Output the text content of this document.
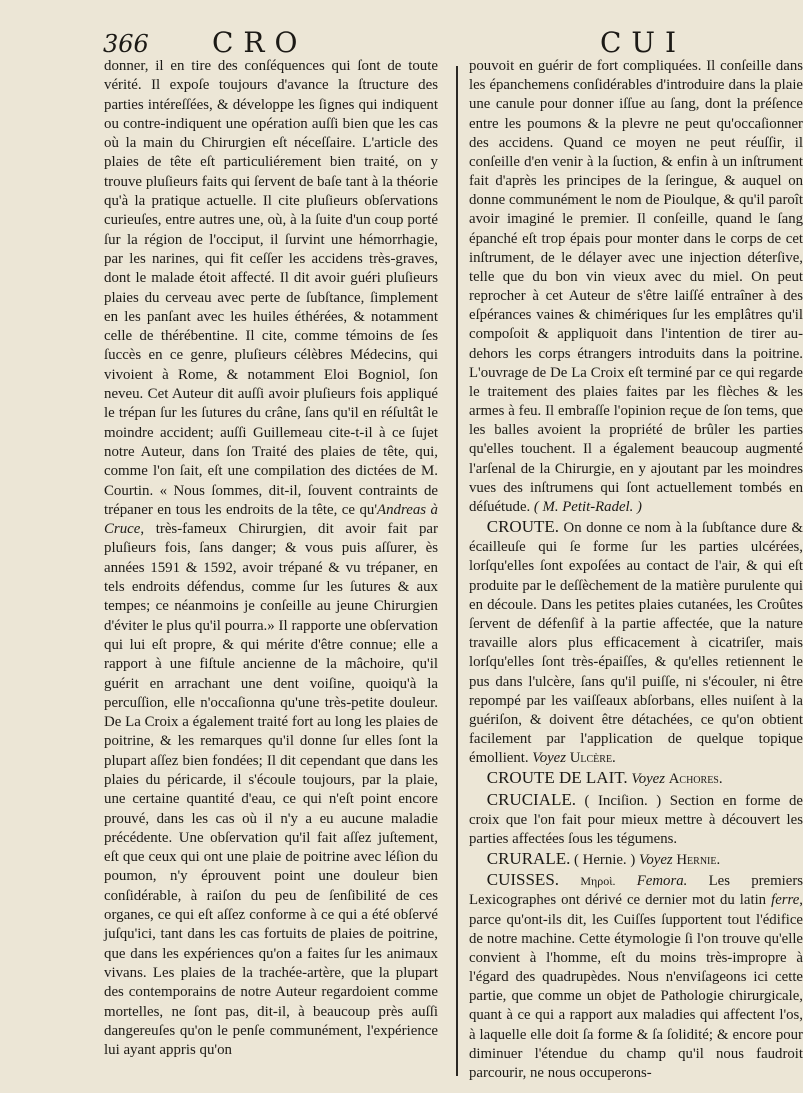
366 CRO	CUI

donner, il en tire des conſéquences qui ſont de toute vérité. Il expoſe toujours d'avance la ſtructure des parties intéreſſées, & développe les ſignes qui indiquent ou contre-indiquent une opération auſſi bien que les cas où la main du Chirurgien eſt néceſſaire. L'article des plaies de tête eſt particuliérement bien traité, on y trouve pluſieurs faits qui ſervent de baſe tant à la théorie qu'à la pratique actuelle. Il cite pluſieurs obſervations curieuſes, entre autres une, où, à la ſuite d'un coup porté ſur la région de l'occiput, il ſurvint une hémorrhagie, par les narines, qui fit ceſſer les accidens très-graves, dont le malade étoit affecté. Il dit avoir guéri pluſieurs plaies du cerveau avec perte de ſubſtance, ſimplement en les panſant avec les huiles éthérées, & notamment celle de thérébentine. Il cite, comme témoins de ſes ſuccès en ce genre, pluſieurs célèbres Médecins, qui vivoient à Rome, & notamment Eloi Bogniol, ſon neveu. Cet Auteur dit auſſi avoir pluſieurs fois appliqué le trépan ſur les ſutures du crâne, ſans qu'il en réſultât le moindre accident; auſſi Guillemeau cite-t-il à ce ſujet notre Auteur, dans ſon Traité des plaies de tête, qui, comme l'on ſait, eſt une compilation des dictées de M. Courtin. « Nous ſommes, dit-il, ſouvent contraints de trépaner en tous les endroits de la tête, ce qu'Andreas à Cruce, très-fameux Chirurgien, dit avoir fait par pluſieurs fois, ſans danger; & vous puis aſſurer, ès années 1591 & 1592, avoir trépané & vu trépaner, en tels endroits défendus, comme ſur les ſutures & aux tempes; ce néanmoins je conſeille au jeune Chirurgien d'éviter le plus qu'il pourra.» Il rapporte une obſervation qui lui eſt propre, & qui mérite d'être connue; elle a rapport à une fiſtule ancienne de la mâchoire, qu'il guérit en arrachant une dent voiſine, quoiqu'à la percuſſion, elle n'occaſionna qu'une très-petite douleur. De La Croix a également traité fort au long les plaies de poitrine, & les remarques qu'il donne ſur elles ſont la plupart aſſez bien fondées; Il dit cependant que dans les plaies du péricarde, il s'écoule toujours, par la plaie, une certaine quantité d'eau, ce qui n'eſt point encore prouvé, dans les cas où il n'y a eu aucune maladie précédente. Une obſervation qu'il fait aſſez juſtement, eſt que ceux qui ont une plaie de poitrine avec léſion du poumon, n'y éprouvent point une douleur bien conſidérable, à raiſon du peu de ſenſibilité de ces organes, ce qui eſt aſſez conforme à ce qui a été obſervé juſqu'ici, tant dans les cas fortuits de plaies de poitrine, que dans les expériences qu'on a faites ſur les animaux vivans. Les plaies de la trachée-artère, que la plupart des contemporains de notre Auteur regardoient comme mortelles, ne ſont pas, dit-il, à beaucoup près auſſi dangereuſes qu'on le penſe communément, l'expérience lui ayant appris qu'on

pouvoit en guérir de fort compliquées. Il conſeille dans les épanchemens conſidérables d'introduire dans la plaie une canule pour donner iſſue au ſang, dont la préſence entre les poumons & la plevre ne peut qu'occaſionner des accidens. Quand ce moyen ne peut réuſſir, il conſeille d'en venir à la ſuction, & enfin à un inſtrument fait d'après les principes de la ſeringue, & auquel on donne communément le nom de Pioulque, & qu'il paroît avoir imaginé le premier. Il conſeille, quand le ſang épanché eſt trop épais pour monter dans le corps de cet inſtrument, de le délayer avec une injection déterſive, telle que du bon vin vieux avec du miel. On peut reprocher à cet Auteur de s'être laiſſé entraîner à des eſpérances vaines & chimériques ſur les emplâtres qu'il compoſoit & appliquoit dans l'intention de tirer au-dehors les corps étrangers introduits dans la poitrine. L'ouvrage de De La Croix eſt terminé par ce qui regarde le traitement des plaies faites par les flèches & les armes à feu. Il embraſſe l'opinion reçue de ſon tems, que les balles avoient la propriété de brûler les parties qu'elles touchent. Il a également beaucoup augmenté l'arſenal de la Chirurgie, en y ajoutant par les moindres vues des inſtrumens qui ſont actuellement tombés en déſuétude. ( M. Petit-Radel. )

CROUTE. On donne ce nom à la ſubſtance dure & écailleuſe qui ſe forme ſur les parties ulcérées, lorſqu'elles ſont expoſées au contact de l'air, & qui eſt produite par le deſſèchement de la matière purulente qui en découle. Dans les petites plaies cutanées, les Croûtes ſervent de défenſif à la partie affectée, que la nature travaille alors plus efficacement à cicatriſer, mais lorſqu'elles ſont très-épaiſſes, & qu'elles retiennent le pus dans l'ulcère, ſans qu'il puiſſe, ni s'écouler, ni être repompé par les vaiſſeaux abſorbans, elles nuiſent à la guériſon, & doivent être détachées, ce qu'on obtient facilement par l'application de quelque topique émollient. Voyez Ulcère.

CROUTE DE LAIT. Voyez Achores.

CRUCIALE. ( Inciſion. ) Section en forme de croix que l'on fait pour mieux mettre à découvert les parties affectées ſous les tégumens.

CRURALE. ( Hernie. ) Voyez Hernie.

CUISSES. Μηροὶ. Femora. Les premiers Lexicographes ont dérivé ce dernier mot du latin ferre, parce qu'ont-ils dit, les Cuiſſes ſupportent tout l'édifice de notre machine. Cette étymologie ſi l'on trouve qu'elle convient à l'homme, eſt du moins très-impropre à l'égard des quadrupèdes. Nous n'enviſageons ici cette partie, que comme un objet de Pathologie chirurgicale, quant à ce qui a rapport aux maladies qui affectent l'os, à laquelle elle doit ſa forme & ſa ſolidité; & encore pour diminuer l'étendue du champ qu'il nous faudroit parcourir, ne nous occuperons-
